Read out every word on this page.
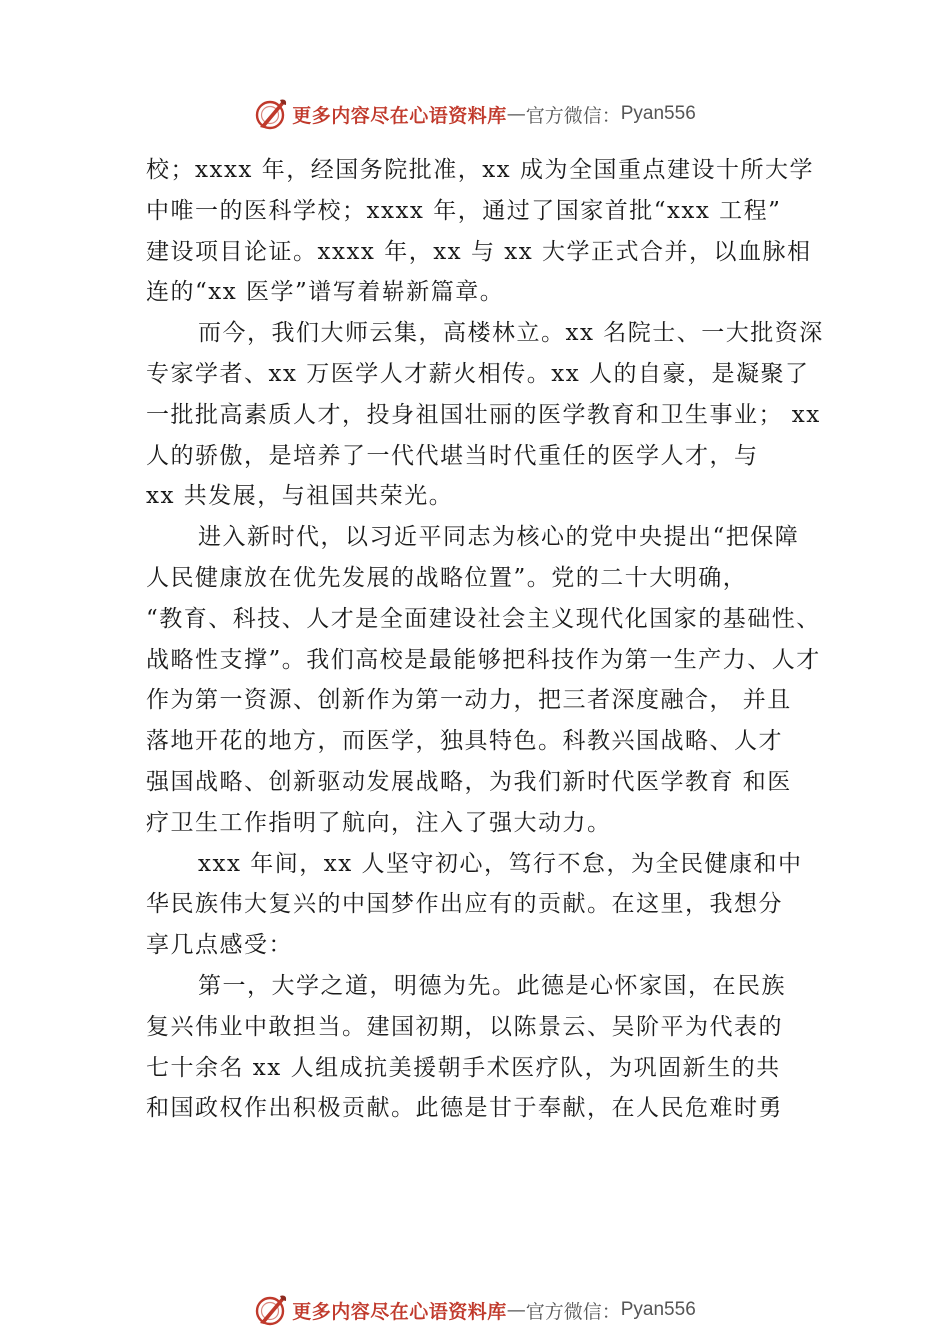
更多内容尽在心语资料库 — 官方微信： Pyan556
校；xxxx 年，经国务院批准，xx 成为全国重点建设十所大学
中唯一的医科学校；xxxx 年，通过了国家首批“xxx 工程”
建设项目论证。xxxx 年，xx 与 xx 大学正式合并，以血脉相
连的“xx 医学”谱写着崭新篇章。
而今，我们大师云集，高楼林立。xx 名院士、一大批资深
专家学者、xx 万医学人才薪火相传。xx 人的自豪，是凝聚了
一批批高素质人才，投身祖国壮丽的医学教育和卫生事业； xx
人的骄傲，是培养了一代代堪当时代重任的医学人才，与
xx 共发展，与祖国共荣光。
进入新时代，以习近平同志为核心的党中央提出“把保障
人民健康放在优先发展的战略位置”。党的二十大明确，
“教育、科技、人才是全面建设社会主义现代化国家的基础性、
战略性支撑”。我们高校是最能够把科技作为第一生产力、人才
作为第一资源、创新作为第一动力，把三者深度融合， 并且
落地开花的地方，而医学，独具特色。科教兴国战略、人才
强国战略、创新驱动发展战略，为我们新时代医学教育 和医
疗卫生工作指明了航向，注入了强大动力。
xxx 年间，xx 人坚守初心，笃行不怠，为全民健康和中
华民族伟大复兴的中国梦作出应有的贡献。在这里，我想分
享几点感受：
第一，大学之道，明德为先。此德是心怀家国，在民族
复兴伟业中敢担当。建国初期，以陈景云、吴阶平为代表的
七十余名 xx 人组成抗美援朝手术医疗队，为巩固新生的共
和国政权作出积极贡献。此德是甘于奉献，在人民危难时勇
更多内容尽在心语资料库 — 官方微信： Pyan556
